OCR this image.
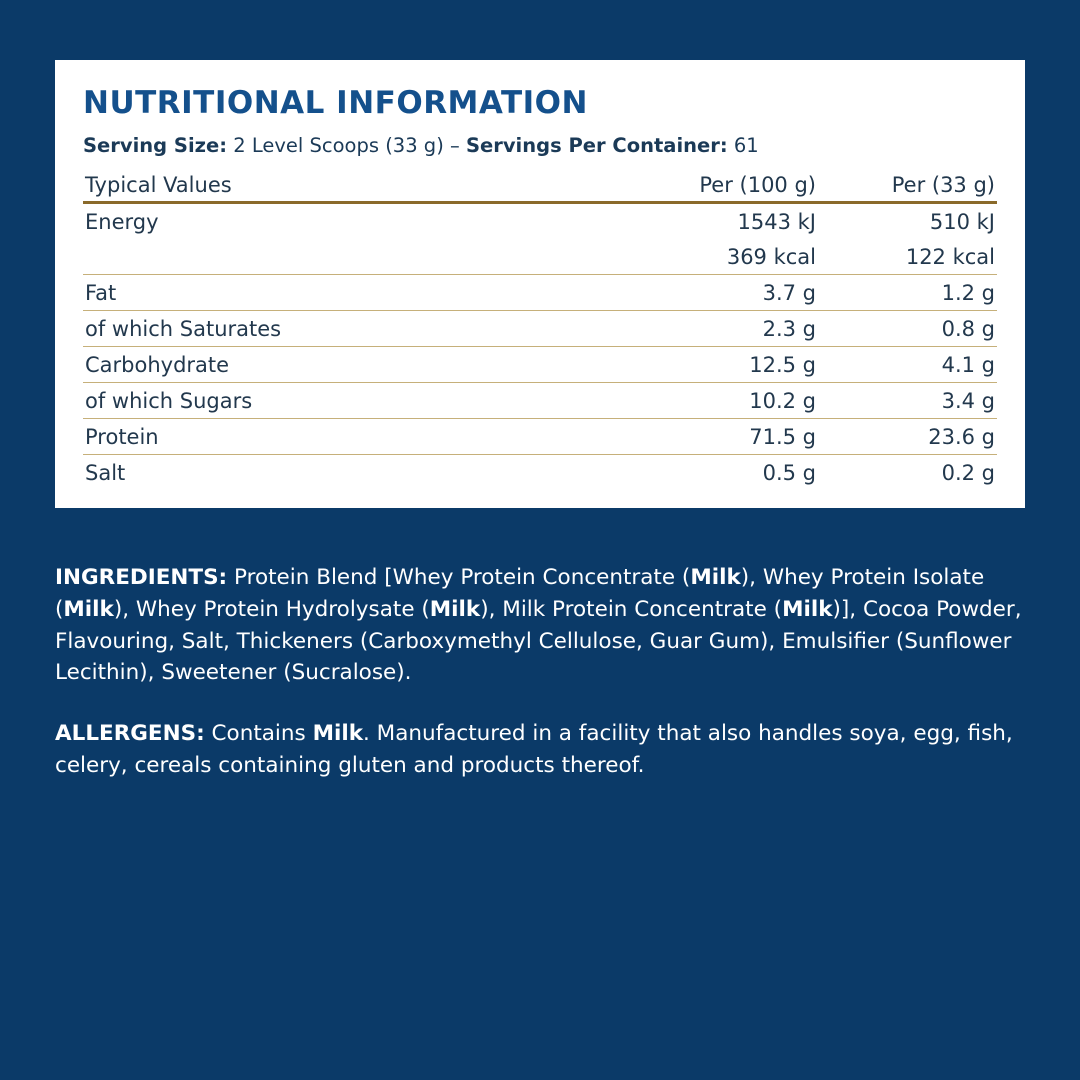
NUTRITIONAL INFORMATION
Serving Size: 2 Level Scoops (33 g) – Servings Per Container: 61
Typical Values	Per (100 g)	Per (33 g)
Energy	1543 kJ	510 kJ
	369 kcal	122 kcal
Fat	3.7 g	1.2 g
of which Saturates	2.3 g	0.8 g
Carbohydrate	12.5 g	4.1 g
of which Sugars	10.2 g	3.4 g
Protein	71.5 g	23.6 g
Salt	0.5 g	0.2 g
INGREDIENTS: Protein Blend [Whey Protein Concentrate (Milk), Whey Protein Isolate (Milk), Whey Protein Hydrolysate (Milk), Milk Protein Concentrate (Milk)], Cocoa Powder, Flavouring, Salt, Thickeners (Carboxymethyl Cellulose, Guar Gum), Emulsifier (Sunflower Lecithin), Sweetener (Sucralose).
ALLERGENS: Contains Milk. Manufactured in a facility that also handles soya, egg, fish, celery, cereals containing gluten and products thereof.
